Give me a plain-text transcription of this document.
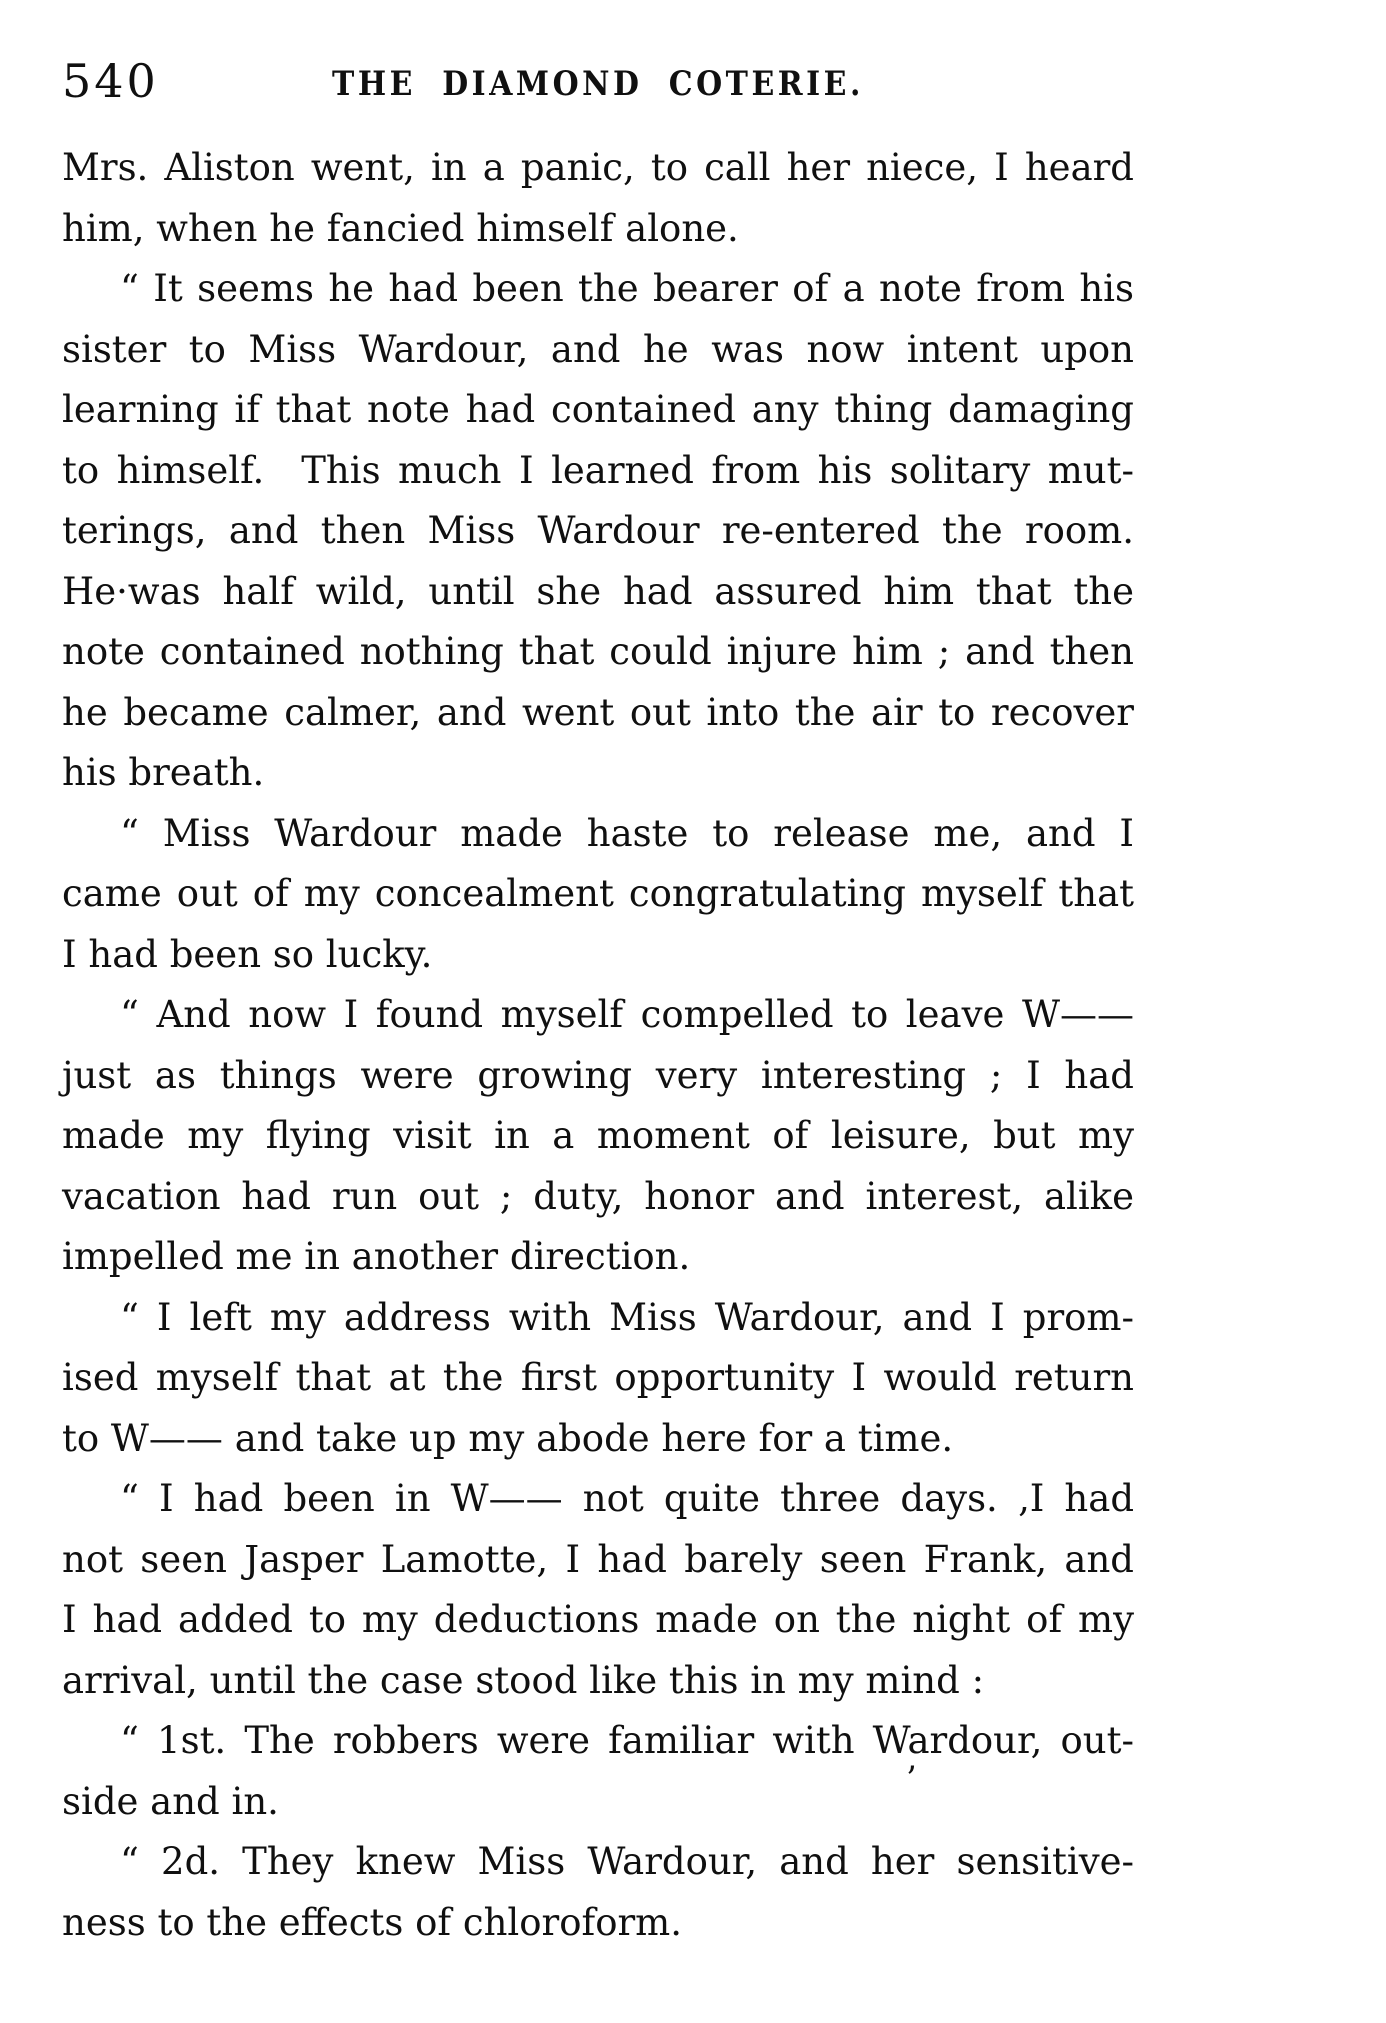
540	THE DIAMOND COTERIE.
Mrs. Aliston went, in a panic, to call her niece, I heard
him, when he fancied himself alone.
“ It seems he had been the bearer of a note from his
sister to Miss Wardour, and he was now intent upon
learning if that note had contained any thing damaging
to himself. This much I learned from his solitary mut-
terings, and then Miss Wardour re-entered the room.
He·was half wild, until she had assured him that the
note contained nothing that could injure him ; and then
he became calmer, and went out into the air to recover
his breath.
“ Miss Wardour made haste to release me, and I
came out of my concealment congratulating myself that
I had been so lucky.
“ And now I found myself compelled to leave W——
just as things were growing very interesting ; I had
made my flying visit in a moment of leisure, but my
vacation had run out ; duty, honor and interest, alike
impelled me in another direction.
“ I left my address with Miss Wardour, and I prom-
ised myself that at the first opportunity I would return
to W—— and take up my abode here for a time.
“ I had been in W—— not quite three days. ‚I had
not seen Jasper Lamotte, I had barely seen Frank, and
I had added to my deductions made on the night of my
arrival, until the case stood like this in my mind :
“ 1st. The robbers were familiar with Wardour, out-
side and in.
“ 2d. They knew Miss Wardour, and her sensitive-
ness to the effects of chloroform.
’
